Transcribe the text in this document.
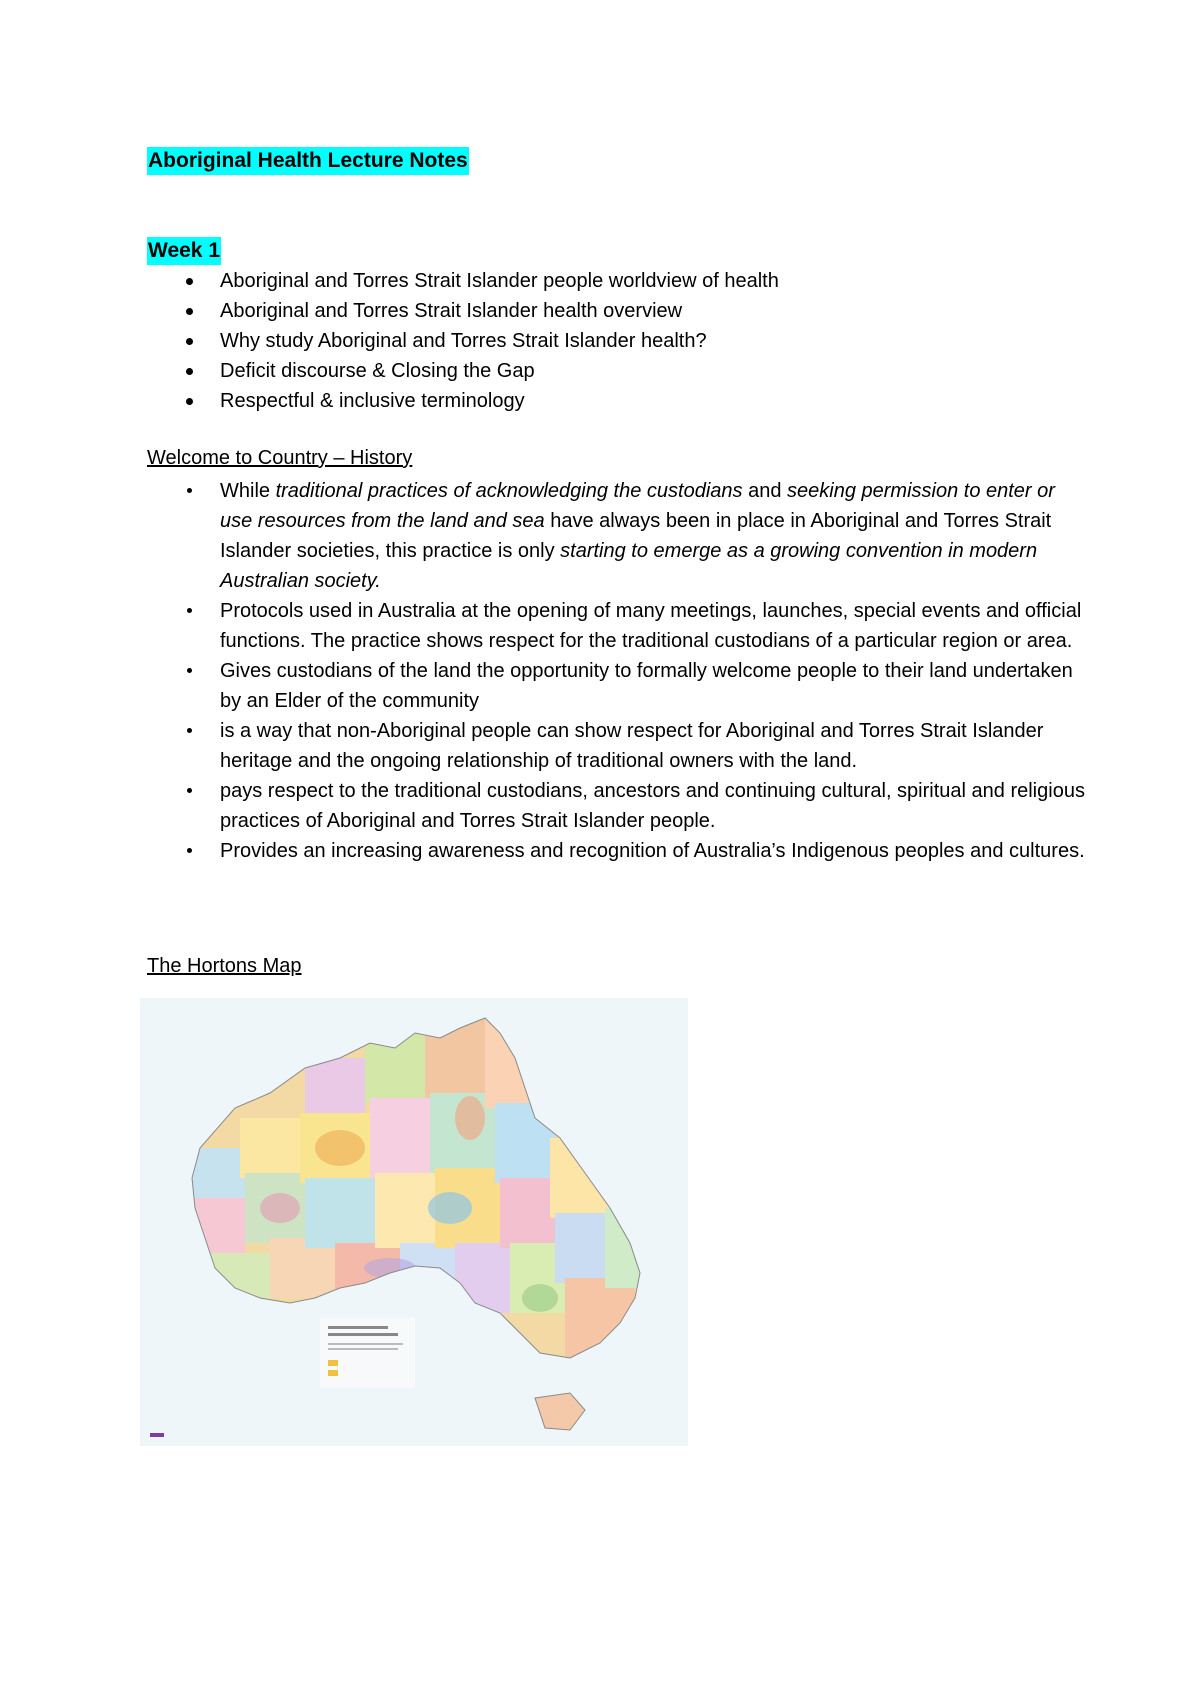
Aboriginal Health Lecture Notes
Week 1
Aboriginal and Torres Strait Islander people worldview of health
Aboriginal and Torres Strait Islander health overview
Why study Aboriginal and Torres Strait Islander health?
Deficit discourse & Closing the Gap
Respectful & inclusive terminology
Welcome to Country – History
While traditional practices of acknowledging the custodians and seeking permission to enter or use resources from the land and sea have always been in place in Aboriginal and Torres Strait Islander societies, this practice is only starting to emerge as a growing convention in modern Australian society.
Protocols used in Australia at the opening of many meetings, launches, special events and official functions. The practice shows respect for the traditional custodians of a particular region or area.
Gives custodians of the land the opportunity to formally welcome people to their land undertaken by an Elder of the community
is a way that non-Aboriginal people can show respect for Aboriginal and Torres Strait Islander heritage and the ongoing relationship of traditional owners with the land.
pays respect to the traditional custodians, ancestors and continuing cultural, spiritual and religious practices of Aboriginal and Torres Strait Islander people.
Provides an increasing awareness and recognition of Australia’s Indigenous peoples and cultures.
The Hortons Map
